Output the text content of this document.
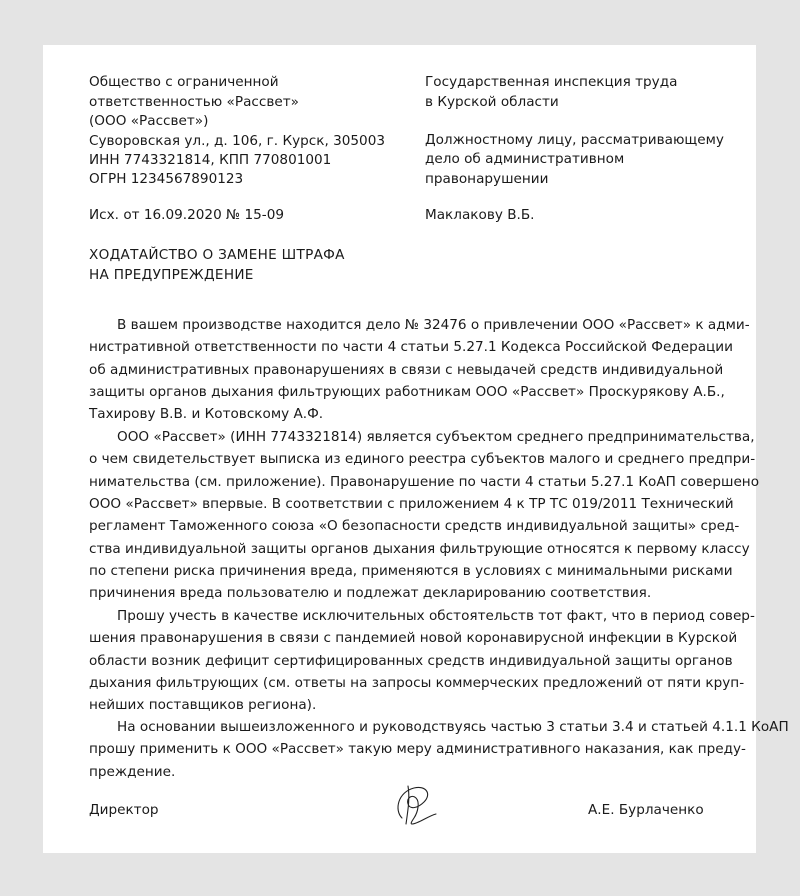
Общество с ограниченной
ответственностью «Рассвет»
(ООО «Рассвет»)
Суворовская ул., д. 106, г. Курск, 305003
ИНН 7743321814, КПП 770801001
ОГРН 1234567890123
Исх. от 16.09.2020 № 15-09
Государственная инспекция труда
в Курской области
Должностному лицу, рассматривающему
дело об административном
правонарушении
Маклакову В.Б.
ХОДАТАЙСТВО О ЗАМЕНЕ ШТРАФА
НА ПРЕДУПРЕЖДЕНИЕ
В вашем производстве находится дело № 32476 о привлечении ООО «Рассвет» к адми-
нистративной ответственности по части 4 статьи 5.27.1 Кодекса Российской Федерации
об административных правонарушениях в связи с невыдачей средств индивидуальной
защиты органов дыхания фильтрующих работникам ООО «Рассвет» Проскурякову А.Б.,
Тахирову В.В. и Котовскому А.Ф.
ООО «Рассвет» (ИНН 7743321814) является субъектом среднего предпринимательства,
о чем свидетельствует выписка из единого реестра субъектов малого и среднего предпри-
нимательства (см. приложение). Правонарушение по части 4 статьи 5.27.1 КоАП совершено
ООО «Рассвет» впервые. В соответствии с приложением 4 к ТР ТС 019/2011 Технический
регламент Таможенного союза «О безопасности средств индивидуальной защиты» сред-
ства индивидуальной защиты органов дыхания фильтрующие относятся к первому классу
по степени риска причинения вреда, применяются в условиях с минимальными рисками
причинения вреда пользователю и подлежат декларированию соответствия.
Прошу учесть в качестве исключительных обстоятельств тот факт, что в период совер-
шения правонарушения в связи с пандемией новой коронавирусной инфекции в Курской
области возник дефицит сертифицированных средств индивидуальной защиты органов
дыхания фильтрующих (см. ответы на запросы коммерческих предложений от пяти круп-
нейших поставщиков региона).
На основании вышеизложенного и руководствуясь частью 3 статьи 3.4 и статьей 4.1.1 КоАП
прошу применить к ООО «Рассвет» такую меру административного наказания, как преду-
преждение.
Директор	А.Е. Бурлаченко
